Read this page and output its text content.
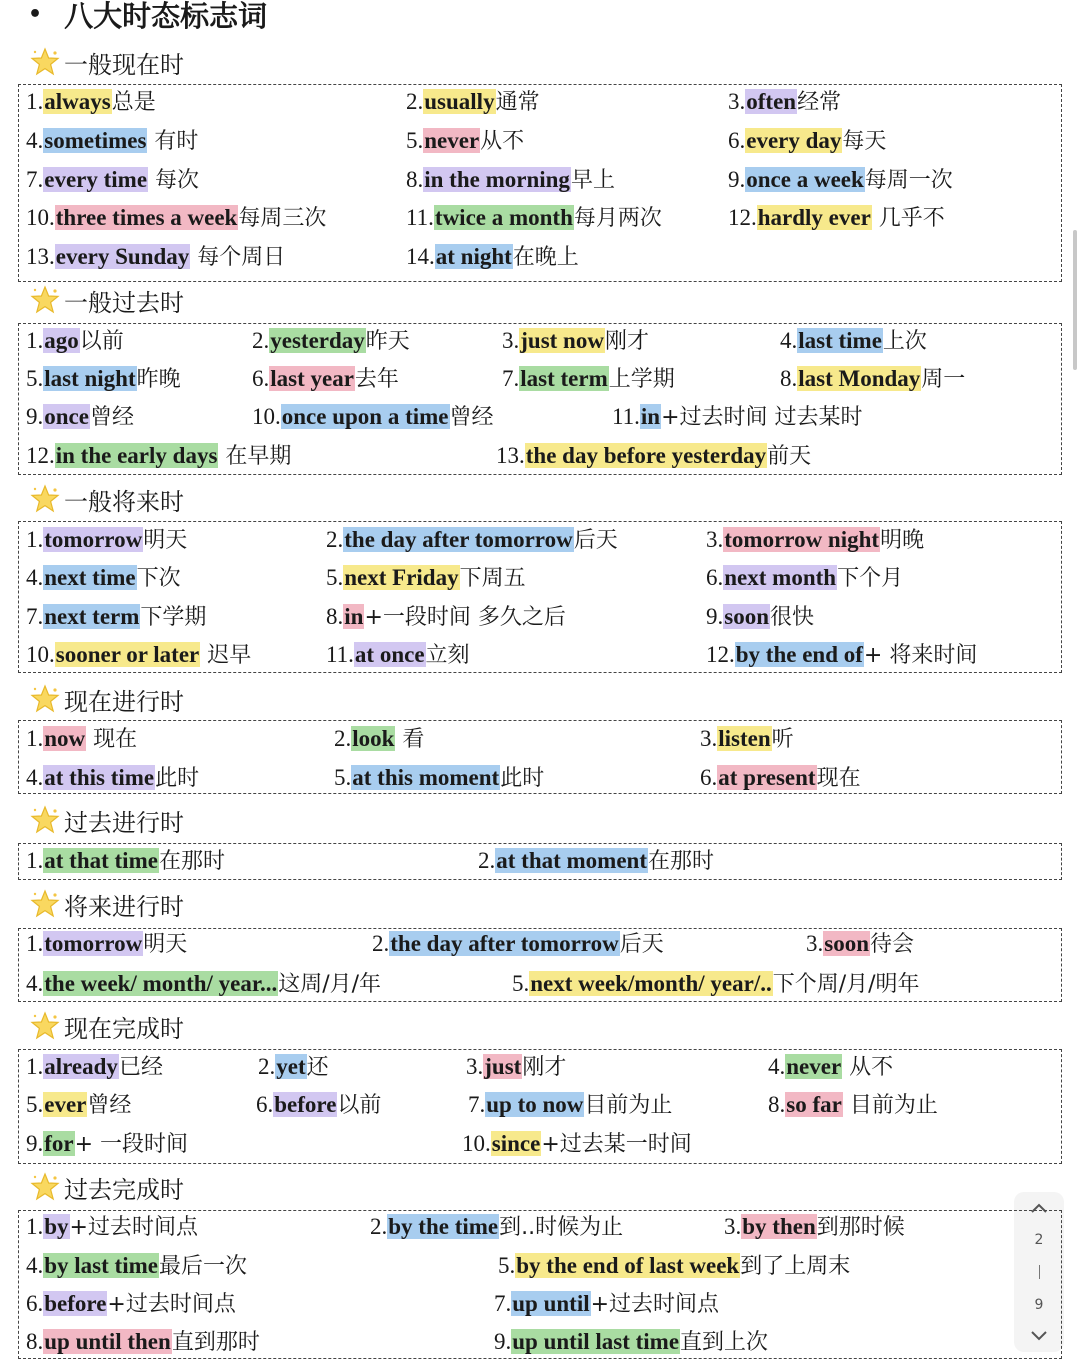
• 八大时态标志词
2
9
一般现在时
1.always总是	2.usually通常	3.often经常
4.sometimes 有时	5.never从不	6.every day每天
7.every time 每次	8.in the morning早上	9.once a week每周一次
10.three times a week每周三次	11.twice a month每月两次	12.hardly ever 几乎不
13.every Sunday 每个周日	14.at night在晚上
一般过去时
1.ago以前	2.yesterday昨天	3.just now刚才	4.last time上次
5.last night昨晚	6.last year去年	7.last term上学期	8.last Monday周一
9.once曾经	10.once upon a time曾经	11.in+过去时间 过去某时
12.in the early days 在早期	13.the day before yesterday前天
一般将来时
1.tomorrow明天	2.the day after tomorrow后天	3.tomorrow night明晚
4.next time下次	5.next Friday下周五	6.next month下个月
7.next term下学期	8.in+一段时间 多久之后	9.soon很快
10.sooner or later 迟早	11.at once立刻	12.by the end of+ 将来时间
现在进行时
1.now 现在	2.look 看	3.listen听
4.at this time此时	5.at this moment此时	6.at present现在
过去进行时
1.at that time在那时	2.at that moment在那时
将来进行时
1.tomorrow明天	2.the day after tomorrow后天	3.soon待会
4.the week/ month/ year...这周/月/年	5.next week/month/ year/..下个周/月/明年
现在完成时
1.already已经	2.yet还	3.just刚才	4.never 从不
5.ever曾经	6.before以前	7.up to now目前为止	8.so far 目前为止
9.for+ 一段时间	10.since+过去某一时间
过去完成时
1.by+过去时间点	2.by the time到..时候为止	3.by then到那时候
4.by last time最后一次	5.by the end of last week到了上周末
6.before+过去时间点	7.up until+过去时间点
8.up until then直到那时	9.up until last time直到上次
